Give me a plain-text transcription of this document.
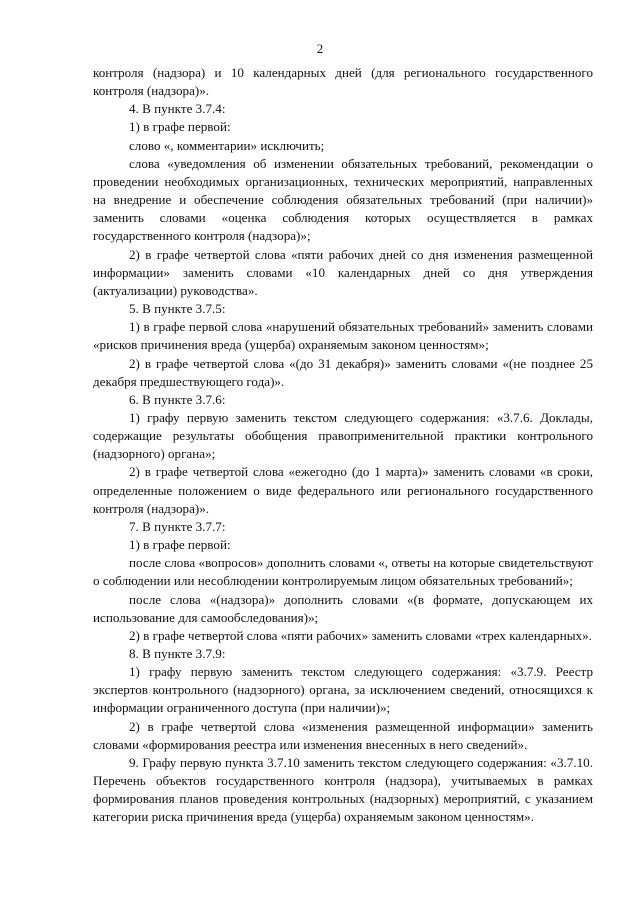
2

контроля (надзора) и 10 календарных дней (для регионального государственного контроля (надзора)».

4. В пункте 3.7.4:

1) в графе первой:

слово «, комментарии» исключить;

слова «уведомления об изменении обязательных требований, рекомендации о проведении необходимых организационных, технических мероприятий, направленных на внедрение и обеспечение соблюдения обязательных требований (при наличии)» заменить словами «оценка соблюдения которых осуществляется в рамках государственного контроля (надзора)»;

2) в графе четвертой слова «пяти рабочих дней со дня изменения размещенной информации» заменить словами «10 календарных дней со дня утверждения (актуализации) руководства».

5. В пункте 3.7.5:

1) в графе первой слова «нарушений обязательных требований» заменить словами «рисков причинения вреда (ущерба) охраняемым законом ценностям»;

2) в графе четвертой слова «(до 31 декабря)» заменить словами «(не позднее 25 декабря предшествующего года)».

6. В пункте 3.7.6:

1) графу первую заменить текстом следующего содержания: «3.7.6. Доклады, содержащие результаты обобщения правоприменительной практики контрольного (надзорного) органа»;

2) в графе четвертой слова «ежегодно (до 1 марта)» заменить словами «в сроки, определенные положением о виде федерального или регионального государственного контроля (надзора)».

7. В пункте 3.7.7:

1) в графе первой:

после слова «вопросов» дополнить словами «, ответы на которые свидетельствуют о соблюдении или несоблюдении контролируемым лицом обязательных требований»;

после слова «(надзора)» дополнить словами «(в формате, допускающем их использование для самообследования)»;

2) в графе четвертой слова «пяти рабочих» заменить словами «трех календарных».

8. В пункте 3.7.9:

1) графу первую заменить текстом следующего содержания: «3.7.9. Реестр экспертов контрольного (надзорного) органа, за исключением сведений, относящихся к информации ограниченного доступа (при наличии)»;

2) в графе четвертой слова «изменения размещенной информации» заменить словами «формирования реестра или изменения внесенных в него сведений».

9. Графу первую пункта 3.7.10 заменить текстом следующего содержания: «3.7.10. Перечень объектов государственного контроля (надзора), учитываемых в рамках формирования планов проведения контрольных (надзорных) мероприятий, с указанием категории риска причинения вреда (ущерба) охраняемым законом ценностям».
